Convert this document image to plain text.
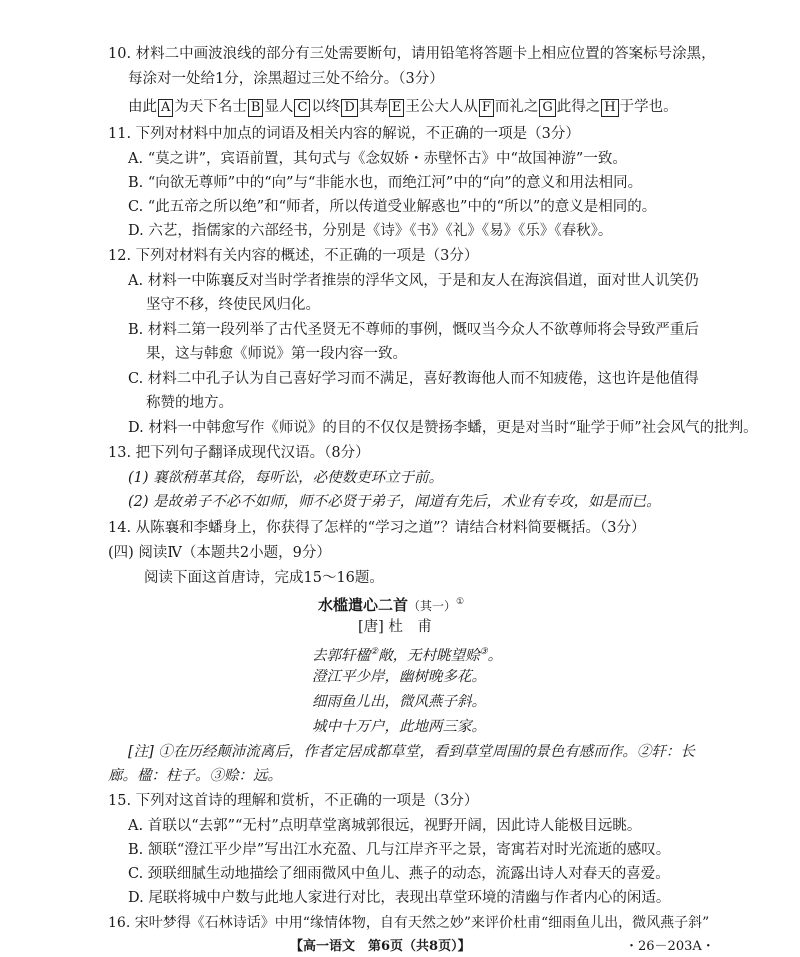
10. 材料二中画波浪线的部分有三处需要断句，请用铅笔将答题卡上相应位置的答案标号涂黑，
每涂对一处给1分，涂黑超过三处不给分。（3分）
由此 A 为天下名士 B 显人 C 以终 D 其寿 E 王公大人从 F 而礼之 G 此得之 H 于学也。
11. 下列对材料中加点的词语及相关内容的解说，不正确的一项是（3分）
A. “莫之讲”，宾语前置，其句式与《念奴娇・赤壁怀古》中“故国神游”一致。
B. “向欲无尊师”中的“向”与“非能水也，而绝江河”中的“向”的意义和用法相同。
C. “此五帝之所以绝”和“师者，所以传道受业解惑也”中的“所以”的意义是相同的。
D. 六艺，指儒家的六部经书，分别是《诗》《书》《礼》《易》《乐》《春秋》。
12. 下列对材料有关内容的概述，不正确的一项是（3分）
A. 材料一中陈襄反对当时学者推崇的浮华文风，于是和友人在海滨倡道，面对世人讥笑仍
坚守不移，终使民风归化。
B. 材料二第一段列举了古代圣贤无不尊师的事例，慨叹当今众人不欲尊师将会导致严重后
果，这与韩愈《师说》第一段内容一致。
C. 材料二中孔子认为自己喜好学习而不满足，喜好教诲他人而不知疲倦，这也许是他值得
称赞的地方。
D. 材料一中韩愈写作《师说》的目的不仅仅是赞扬李蟠，更是对当时“耻学于师”社会风气的批判。
13. 把下列句子翻译成现代汉语。（8分）
(1) 襄欲稍革其俗，每听讼，必使数吏环立于前。
(2) 是故弟子不必不如师，师不必贤于弟子，闻道有先后，术业有专攻，如是而已。
14. 从陈襄和李蟠身上，你获得了怎样的“学习之道”？请结合材料简要概括。（3分）
(四) 阅读Ⅳ（本题共2小题，9分）
阅读下面这首唐诗，完成15～16题。
水槛遣心二首（其一）①
[唐] 杜　甫
去郭轩楹②敞，无村眺望赊③。
澄江平少岸，幽树晚多花。
细雨鱼儿出，微风燕子斜。
城中十万户，此地两三家。
[注] ①在历经颠沛流离后，作者定居成都草堂，看到草堂周围的景色有感而作。②轩：长
廊。楹：柱子。③赊：远。
15. 下列对这首诗的理解和赏析，不正确的一项是（3分）
A. 首联以“去郭”“无村”点明草堂离城郭很远，视野开阔，因此诗人能极目远眺。
B. 颔联“澄江平少岸”写出江水充盈、几与江岸齐平之景，寄寓若对时光流逝的感叹。
C. 颈联细腻生动地描绘了细雨微风中鱼儿、燕子的动态，流露出诗人对春天的喜爱。
D. 尾联将城中户数与此地人家进行对比，表现出草堂环境的清幽与作者内心的闲适。
16. 宋叶梦得《石林诗话》中用“缘情体物，自有天然之妙”来评价杜甫“细雨鱼儿出，微风燕子斜”
【高一语文　第6页（共8页）】	・26－203A・
